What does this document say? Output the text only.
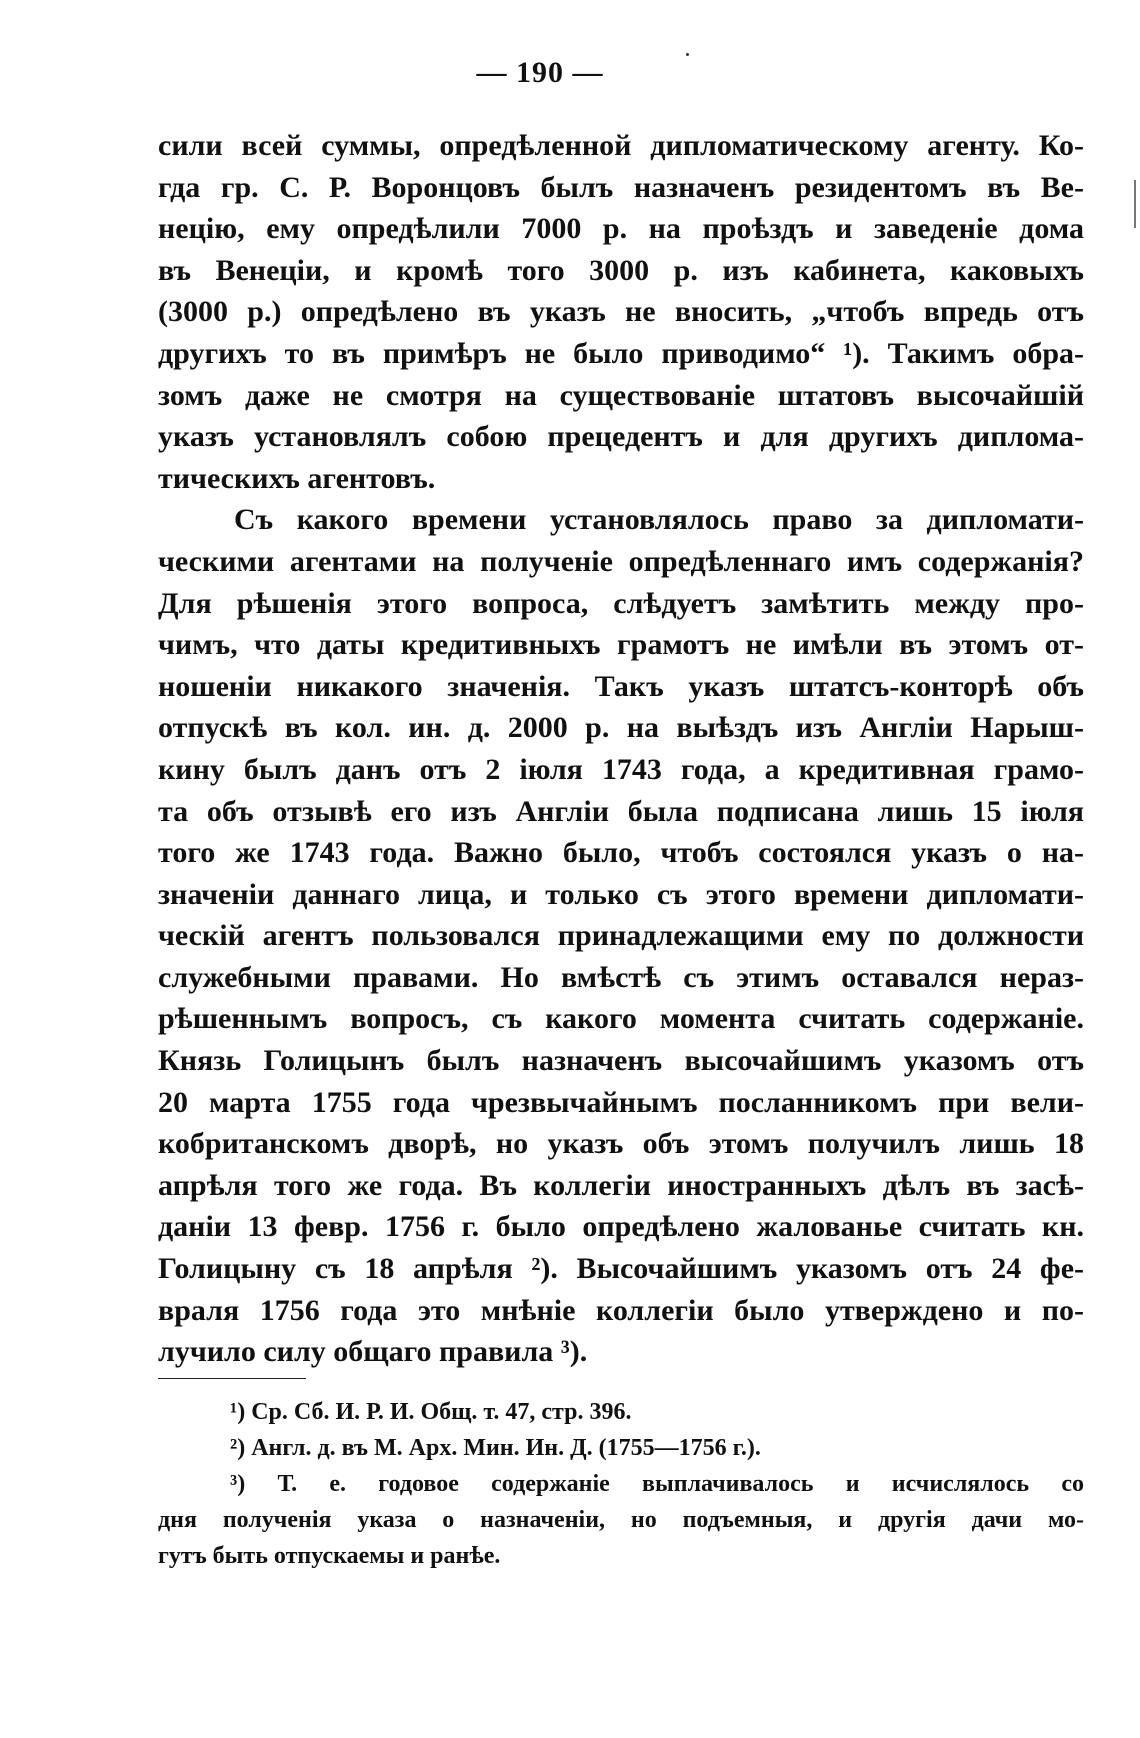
— 190 —
сили всей суммы, опредѣленной дипломатическому агенту. Ко-
гда гр. С. Р. Воронцовъ былъ назначенъ резидентомъ въ Ве-
нецію, ему опредѣлили 7000 р. на проѣздъ и заведеніе дома
въ Венеціи, и кромѣ того 3000 р. изъ кабинета, каковыхъ
(3000 р.) опредѣлено въ указъ не вносить, „чтобъ впредь отъ
другихъ то въ примѣръ не было приводимо“ ¹). Такимъ обра-
зомъ даже не смотря на существованіе штатовъ высочайшій
указъ установлялъ собою прецедентъ и для другихъ диплома-
тическихъ агентовъ.
Съ какого времени установлялось право за дипломати-
ческими агентами на полученіе опредѣленнаго имъ содержанія?
Для рѣшенія этого вопроса, слѣдуетъ замѣтить между про-
чимъ, что даты кредитивныхъ грамотъ не имѣли въ этомъ от-
ношеніи никакого значенія. Такъ указъ штатсъ-конторѣ объ
отпускѣ въ кол. ин. д. 2000 р. на выѣздъ изъ Англіи Нарыш-
кину былъ данъ отъ 2 іюля 1743 года, а кредитивная грамо-
та объ отзывѣ его изъ Англіи была подписана лишь 15 іюля
того же 1743 года. Важно было, чтобъ состоялся указъ о на-
значеніи даннаго лица, и только съ этого времени дипломати-
ческій агентъ пользовался принадлежащими ему по должности
служебными правами. Но вмѣстѣ съ этимъ оставался нераз-
рѣшеннымъ вопросъ, съ какого момента считать содержаніе.
Князь Голицынъ былъ назначенъ высочайшимъ указомъ отъ
20 марта 1755 года чрезвычайнымъ посланникомъ при вели-
кобританскомъ дворѣ, но указъ объ этомъ получилъ лишь 18
апрѣля того же года. Въ коллегіи иностранныхъ дѣлъ въ засѣ-
даніи 13 февр. 1756 г. было опредѣлено жалованье считать кн.
Голицыну съ 18 апрѣля ²). Высочайшимъ указомъ отъ 24 фе-
враля 1756 года это мнѣніе коллегіи было утверждено и по-
лучило силу общаго правила ³).
¹) Ср. Сб. И. Р. И. Общ. т. 47, стр. 396.
²) Англ. д. въ М. Арх. Мин. Ин. Д. (1755—1756 г.).
³) Т. е. годовое содержаніе выплачивалось и исчислялось со
дня полученія указа о назначеніи, но подъемныя, и другія дачи мо-
гутъ быть отпускаемы и ранѣе.
